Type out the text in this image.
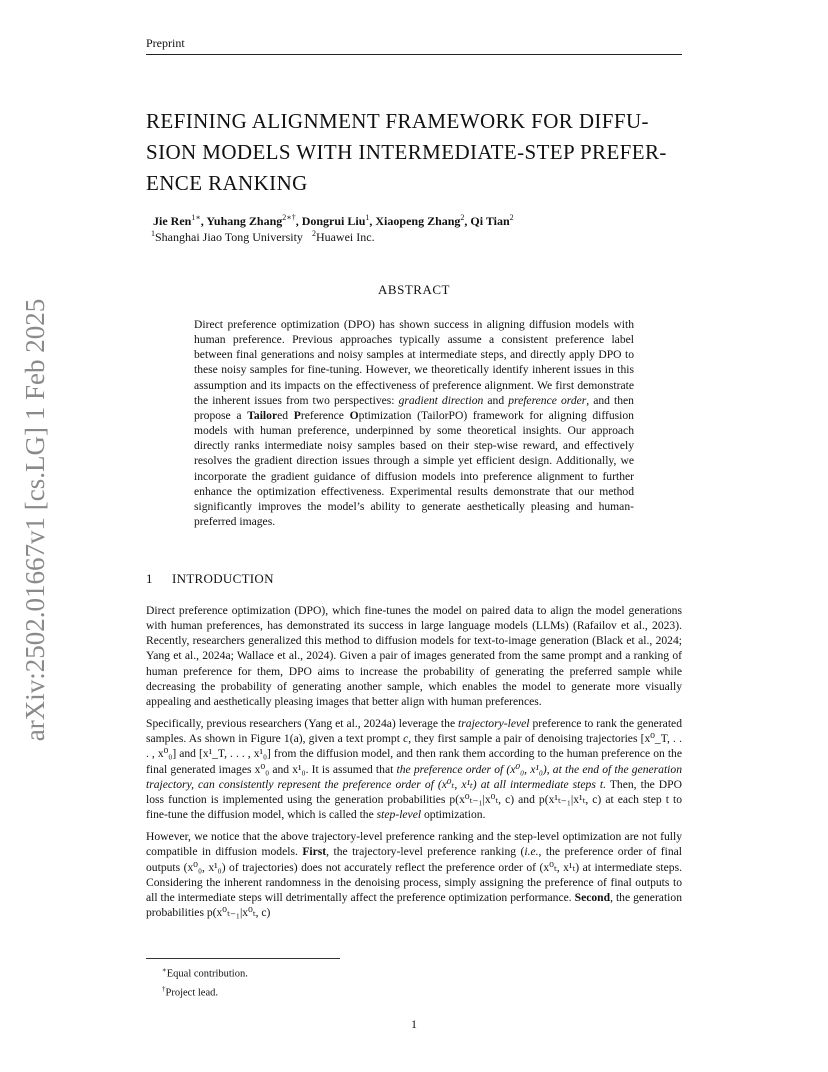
Preprint
arXiv:2502.01667v1 [cs.LG] 1 Feb 2025
REFINING ALIGNMENT FRAMEWORK FOR DIFFU-
SION MODELS WITH INTERMEDIATE-STEP PREFER-
ENCE RANKING
Jie Ren$^{1∗}$, Yuhang Zhang$^{2∗\dagger}$, Dongrui Liu$^1$, Xiaopeng Zhang$^2$, Qi Tian$^2$
$^1$Shanghai Jiao Tong University $^2$Huawei Inc.
ABSTRACT
Direct preference optimization (DPO) has shown success in aligning diffusion models with human preference. Previous approaches typically assume a consistent preference label between final generations and noisy samples at intermediate steps, and directly apply DPO to these noisy samples for fine-tuning. However, we theoretically identify inherent issues in this assumption and its impacts on the effectiveness of preference alignment. We first demonstrate the inherent issues from two perspectives: gradient direction and preference order, and then propose a Tailored Preference Optimization (TailorPO) framework for aligning diffusion models with human preference, underpinned by some theoretical insights. Our approach directly ranks intermediate noisy samples based on their step-wise reward, and effectively resolves the gradient direction issues through a simple yet efficient design. Additionally, we incorporate the gradient guidance of diffusion models into preference alignment to further enhance the optimization effectiveness. Experimental results demonstrate that our method significantly improves the model’s ability to generate aesthetically pleasing and human-preferred images.
1 INTRODUCTION

Direct preference optimization (DPO), which fine-tunes the model on paired data to align the model generations with human preferences, has demonstrated its success in large language models (LLMs) (Rafailov et al., 2023). Recently, researchers generalized this method to diffusion models for text-to-image generation (Black et al., 2024; Yang et al., 2024a; Wallace et al., 2024). Given a pair of images generated from the same prompt and a ranking of human preference for them, DPO aims to increase the probability of generating the preferred sample while decreasing the probability of generating another sample, which enables the model to generate more visually appealing and aesthetically pleasing images that better align with human preferences.

Specifically, previous researchers (Yang et al., 2024a) leverage the trajectory-level preference to rank the generated samples. As shown in Figure 1(a), given a text prompt c, they first sample a pair of denoising trajectories [x⁰_T, . . . , x⁰₀] and [x¹_T, . . . , x¹₀] from the diffusion model, and then rank them according to the human preference on the final generated images x⁰₀ and x¹₀. It is assumed that the preference order of (x⁰₀, x¹₀), at the end of the generation trajectory, can consistently represent the preference order of (x⁰ₜ, x¹ₜ) at all intermediate steps t. Then, the DPO loss function is implemented using the generation probabilities p(x⁰ₜ₋₁|x⁰ₜ, c) and p(x¹ₜ₋₁|x¹ₜ, c) at each step t to fine-tune the diffusion model, which is called the step-level optimization.

However, we notice that the above trajectory-level preference ranking and the step-level optimization are not fully compatible in diffusion models. First, the trajectory-level preference ranking (i.e., the preference order of final outputs (x⁰₀, x¹₀) of trajectories) does not accurately reflect the preference order of (x⁰ₜ, x¹ₜ) at intermediate steps. Considering the inherent randomness in the denoising process, simply assigning the preference of final outputs to all the intermediate steps will detrimentally affect the preference optimization performance. Second, the generation probabilities p(x⁰ₜ₋₁|x⁰ₜ, c)

∗Equal contribution.
†Project lead.
1
